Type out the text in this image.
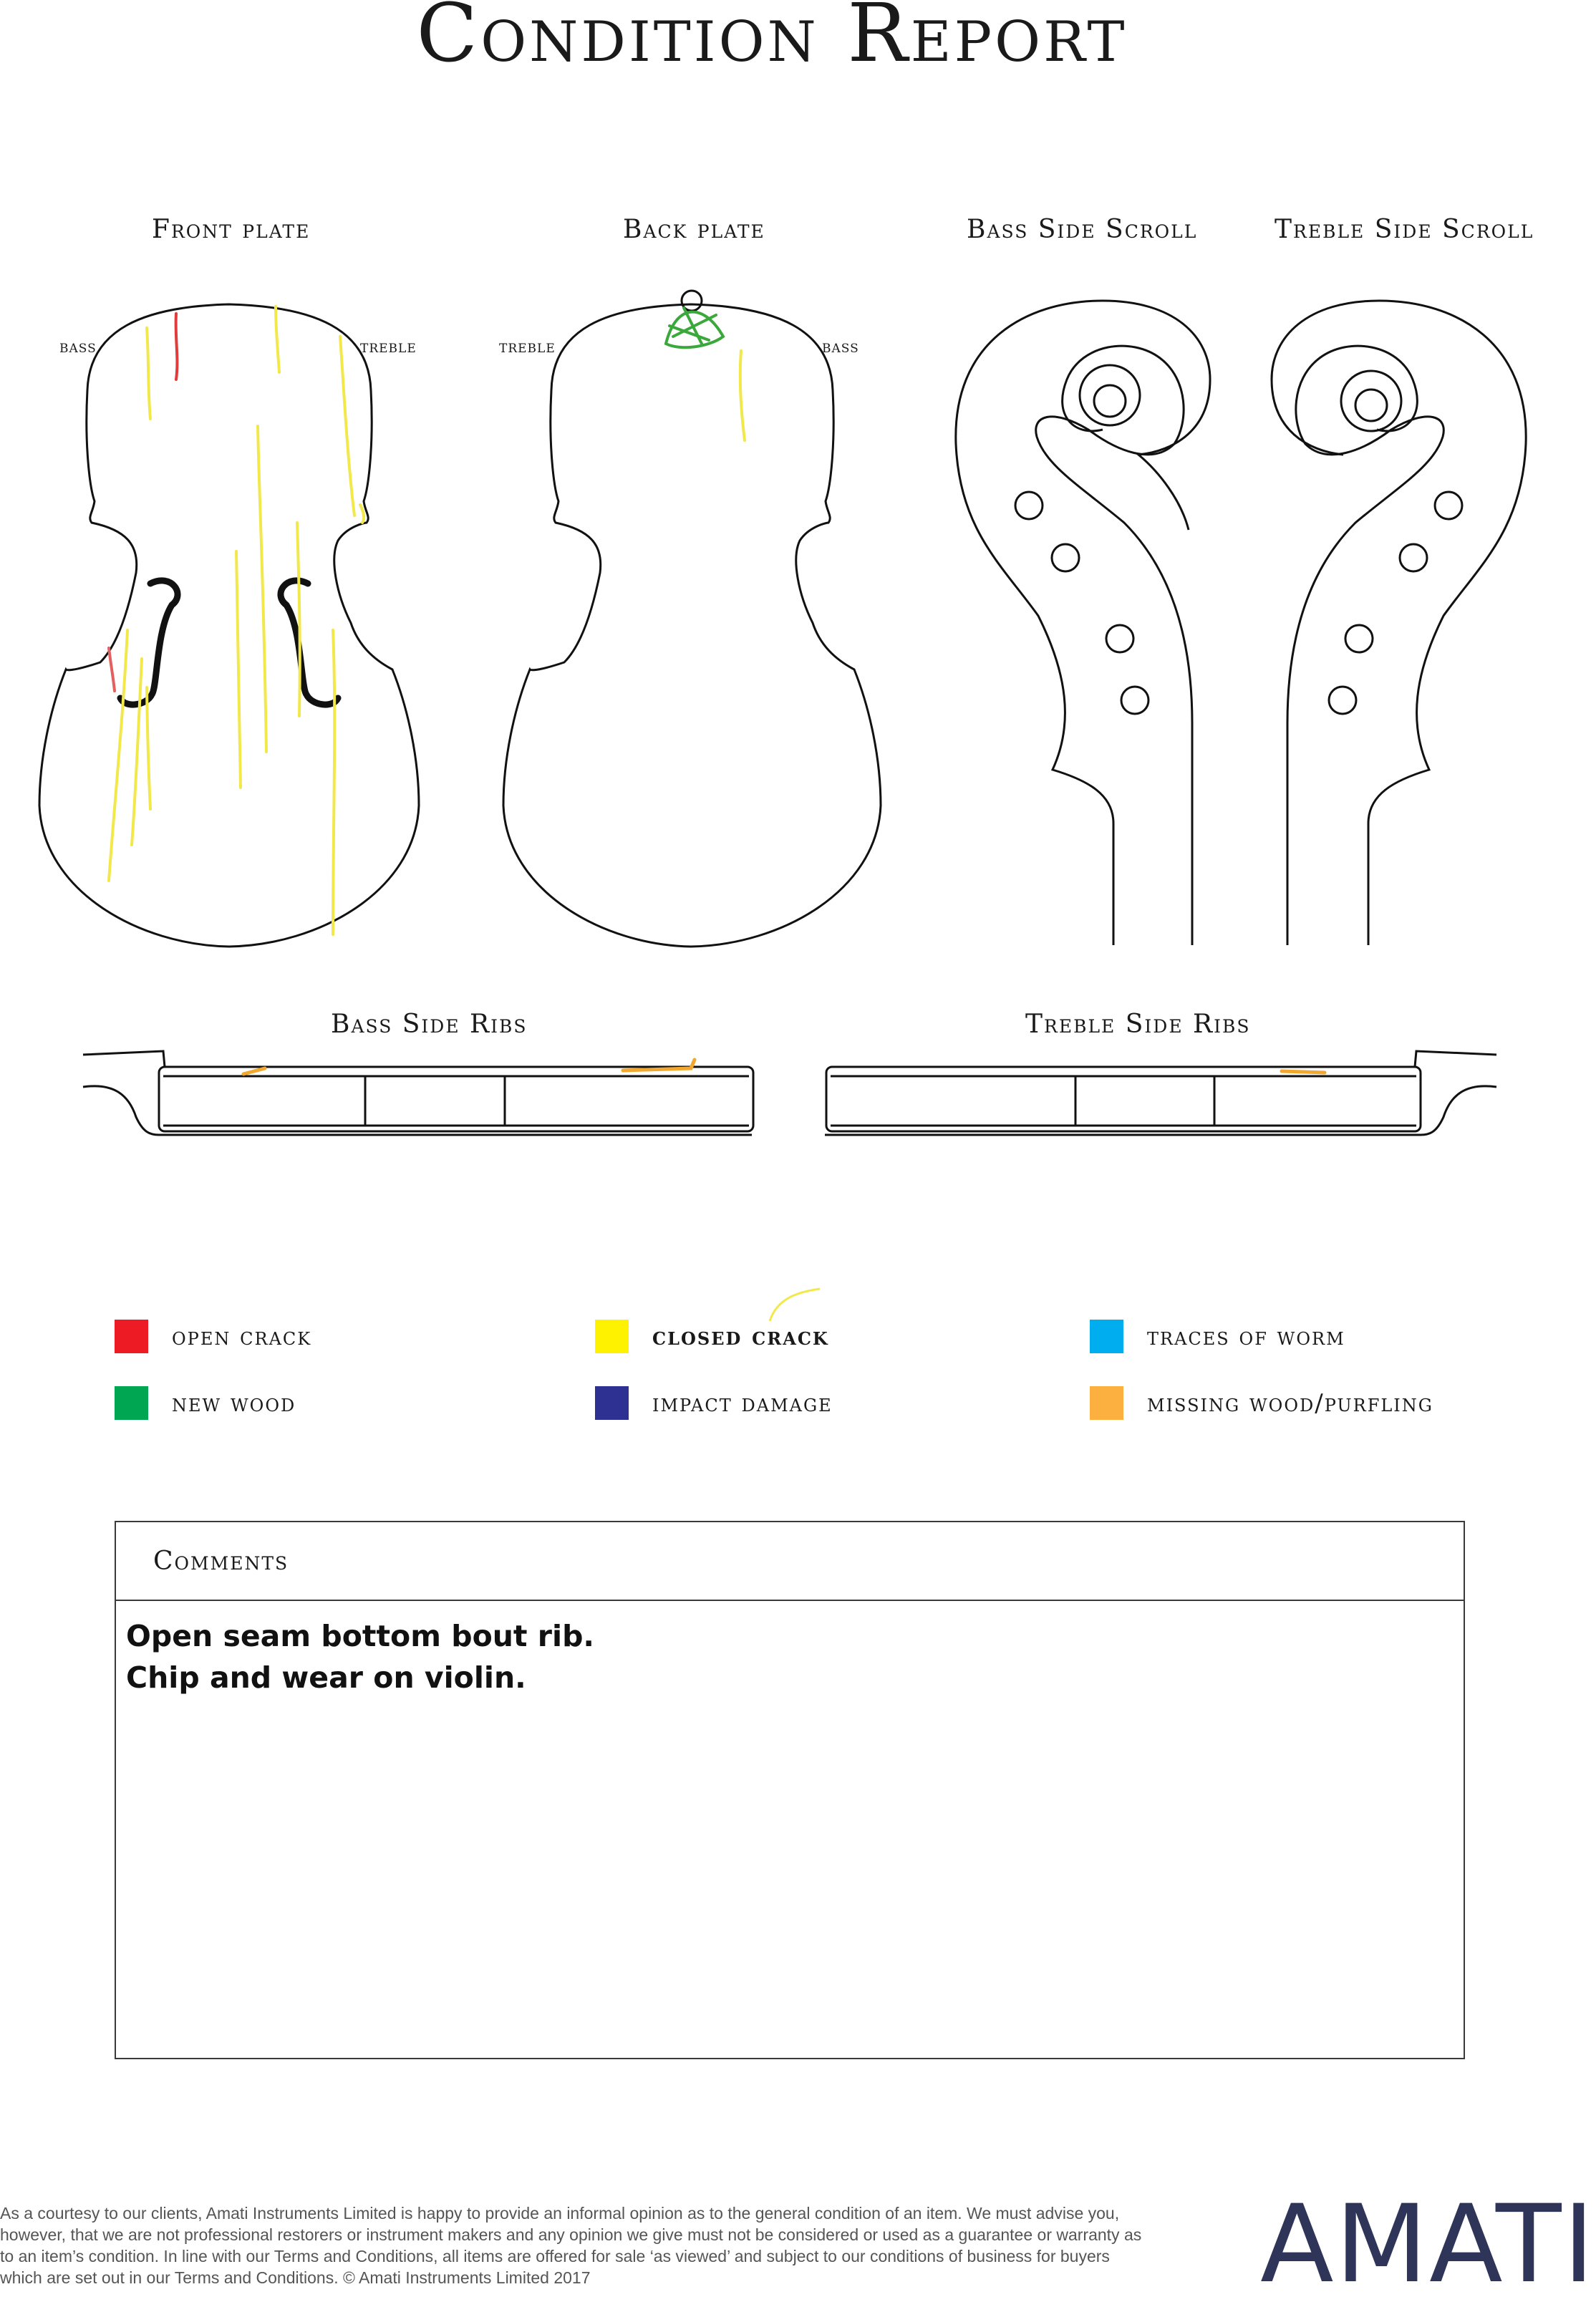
Condition Report
Front plate	Back plate	Bass Side Scroll	Treble Side Scroll
Bass Side Ribs	Treble Side Ribs
bass	treble	treble	bass
open crack	closed crack	traces of worm
new wood	impact damage	missing wood/purfling
Comments
Open seam bottom bout rib.
Chip and wear on violin.
As a courtesy to our clients, Amati Instruments Limited is happy to provide an informal opinion as to the general condition of an item. We must advise you, however, that we are not professional restorers or instrument makers and any opinion we give must not be considered or used as a guarantee or warranty as to an item’s condition. In line with our Terms and Conditions, all items are offered for sale ‘as viewed’ and subject to our conditions of business for buyers which are set out in our Terms and Conditions. © Amati Instruments Limited 2017	AMATI
